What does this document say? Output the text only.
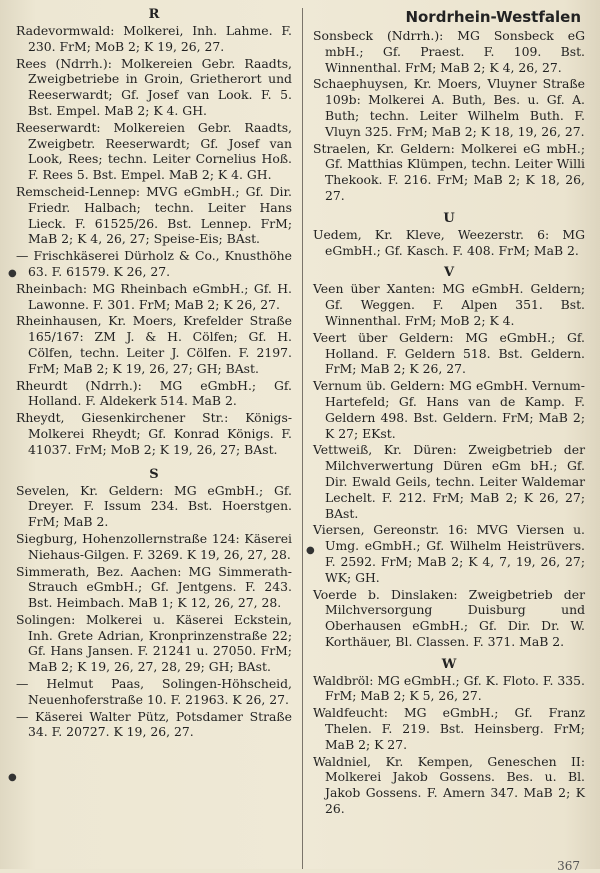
R
Radevormwald: Molkerei, Inh. Lahme. F. 230. FrM; MoB 2; K 19, 26, 27.
Rees (Ndrrh.): Molkereien Gebr. Raadts, Zweigbetriebe in Groin, Grietherort und Reeserwardt; Gf. Josef van Look. F. 5. Bst. Empel. MaB 2; K 4. GH.
Reeserwardt: Molkereien Gebr. Raadts, Zweigbetr. Reeserwardt; Gf. Josef van Look, Rees; techn. Leiter Cornelius Hoß. F. Rees 5. Bst. Empel. MaB 2; K 4. GH.
Remscheid-Lennep: MVG eGmbH.; Gf. Dir. Friedr. Halbach; techn. Leiter Hans Lieck. F. 61525/26. Bst. Lennep. FrM; MaB 2; K 4, 26, 27; Speise-Eis; BAst.
— Frischkäserei Dürholz & Co., Knusthöhe 63. F. 61579. K 26, 27.
Rheinbach: MG Rheinbach eGmbH.; Gf. H. Lawonne. F. 301. FrM; MaB 2; K 26, 27.
Rheinhausen, Kr. Moers, Krefelder Straße 165/167: ZM J. & H. Cölfen; Gf. H. Cölfen, techn. Leiter J. Cölfen. F. 2197. FrM; MaB 2; K 19, 26, 27; GH; BAst.
Rheurdt (Ndrrh.): MG eGmbH.; Gf. Holland. F. Aldekerk 514. MaB 2.
Rheydt, Giesenkirchener Str.: Königs-Molkerei Rheydt; Gf. Konrad Königs. F. 41037. FrM; MoB 2; K 19, 26, 27; BAst.
S
Sevelen, Kr. Geldern: MG eGmbH.; Gf. Dreyer. F. Issum 234. Bst. Hoerstgen. FrM; MaB 2.
Siegburg, Hohenzollernstraße 124: Käserei Niehaus-Gilgen. F. 3269. K 19, 26, 27, 28.
Simmerath, Bez. Aachen: MG Simmerath-Strauch eGmbH.; Gf. Jentgens. F. 243. Bst. Heimbach. MaB 1; K 12, 26, 27, 28.
Solingen: Molkerei u. Käserei Eckstein, Inh. Grete Adrian, Kronprinzenstraße 22; Gf. Hans Jansen. F. 21241 u. 27050. FrM; MaB 2; K 19, 26, 27, 28, 29; GH; BAst.
— Helmut Paas, Solingen-Höhscheid, Neuenhoferstraße 10. F. 21963. K 26, 27.
— Käserei Walter Pütz, Potsdamer Straße 34. F. 20727. K 19, 26, 27.
Nordrhein-Westfalen
Sonsbeck (Ndrrh.): MG Sonsbeck eG mbH.; Gf. Praest. F. 109. Bst. Winnenthal. FrM; MaB 2; K 4, 26, 27.
Schaephuysen, Kr. Moers, Vluyner Straße 109b: Molkerei A. Buth, Bes. u. Gf. A. Buth; techn. Leiter Wilhelm Buth. F. Vluyn 325. FrM; MaB 2; K 18, 19, 26, 27.
Straelen, Kr. Geldern: Molkerei eG mbH.; Gf. Matthias Klümpen, techn. Leiter Willi Thekook. F. 216. FrM; MaB 2; K 18, 26, 27.
U
Uedem, Kr. Kleve, Weezerstr. 6: MG eGmbH.; Gf. Kasch. F. 408. FrM; MaB 2.
V
Veen über Xanten: MG eGmbH. Geldern; Gf. Weggen. F. Alpen 351. Bst. Winnenthal. FrM; MoB 2; K 4.
Veert über Geldern: MG eGmbH.; Gf. Holland. F. Geldern 518. Bst. Geldern. FrM; MaB 2; K 26, 27.
Vernum üb. Geldern: MG eGmbH. Vernum-Hartefeld; Gf. Hans van de Kamp. F. Geldern 498. Bst. Geldern. FrM; MaB 2; K 27; EKst.
Vettweiß, Kr. Düren: Zweigbetrieb der Milchverwertung Düren eGm bH.; Gf. Dir. Ewald Geils, techn. Leiter Waldemar Lechelt. F. 212. FrM; MaB 2; K 26, 27; BAst.
Viersen, Gereonstr. 16: MVG Viersen u. Umg. eGmbH.; Gf. Wilhelm Heistrüvers. F. 2592. FrM; MaB 2; K 4, 7, 19, 26, 27; WK; GH.
Voerde b. Dinslaken: Zweigbetrieb der Milchversorgung Duisburg und Oberhausen eGmbH.; Gf. Dir. Dr. W. Korthäuer, Bl. Classen. F. 371. MaB 2.
W
Waldbröl: MG eGmbH.; Gf. K. Floto. F. 335. FrM; MaB 2; K 5, 26, 27.
Waldfeucht: MG eGmbH.; Gf. Franz Thelen. F. 219. Bst. Heinsberg. FrM; MaB 2; K 27.
Waldniel, Kr. Kempen, Geneschen II: Molkerei Jakob Gossens. Bes. u. Bl. Jakob Gossens. F. Amern 347. MaB 2; K 26.
●
●
●
367
